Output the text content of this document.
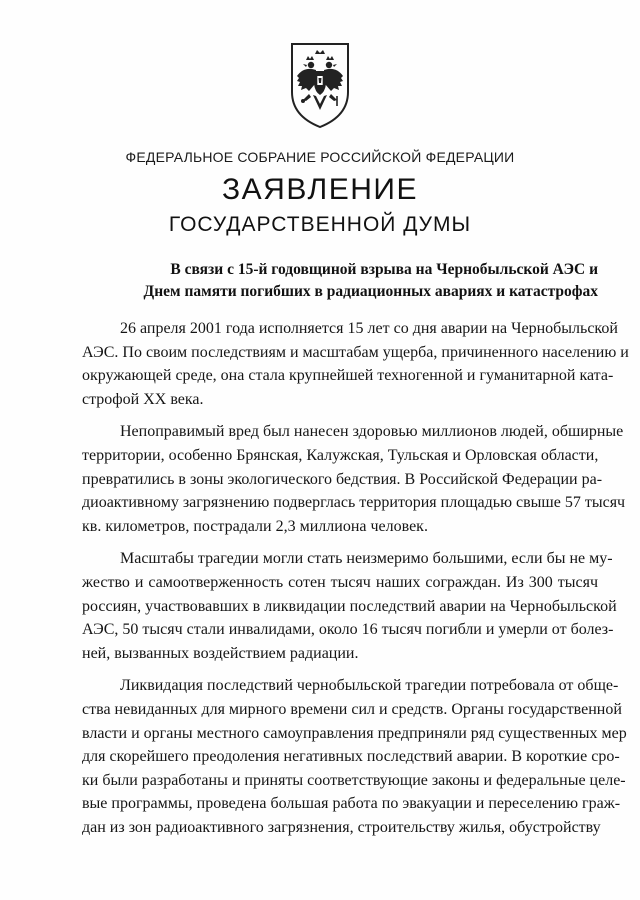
ФЕДЕРАЛЬНОЕ СОБРАНИЕ РОССИЙСКОЙ ФЕДЕРАЦИИ
ЗАЯВЛЕНИЕ
ГОСУДАРСТВЕННОЙ ДУМЫ
В связи с 15-й годовщиной взрыва на Чернобыльской АЭС и
Днем памяти погибших в радиационных авариях и катастрофах

26 апреля 2001 года исполняется 15 лет со дня аварии на Чернобыльской
АЭС. По своим последствиям и масштабам ущерба, причиненного населению и
окружающей среде, она стала крупнейшей техногенной и гуманитарной ката-
строфой XX века.

Непоправимый вред был нанесен здоровью миллионов людей, обширные
территории, особенно Брянская, Калужская, Тульская и Орловская области,
превратились в зоны экологического бедствия. В Российской Федерации ра-
диоактивному загрязнению подверглась территория площадью свыше 57 тысяч
кв. километров, пострадали 2,3 миллиона человек.

Масштабы трагедии могли стать неизмеримо большими, если бы не му-
жество и самоотверженность сотен тысяч наших сограждан. Из 300 тысяч
россиян, участвовавших в ликвидации последствий аварии на Чернобыльской
АЭС, 50 тысяч стали инвалидами, около 16 тысяч погибли и умерли от болез-
ней, вызванных воздействием радиации.

Ликвидация последствий чернобыльской трагедии потребовала от обще-
ства невиданных для мирного времени сил и средств. Органы государственной
власти и органы местного самоуправления предприняли ряд существенных мер
для скорейшего преодоления негативных последствий аварии. В короткие сро-
ки были разработаны и приняты соответствующие законы и федеральные целе-
вые программы, проведена большая работа по эвакуации и переселению граж-
дан из зон радиоактивного загрязнения, строительству жилья, обустройству
